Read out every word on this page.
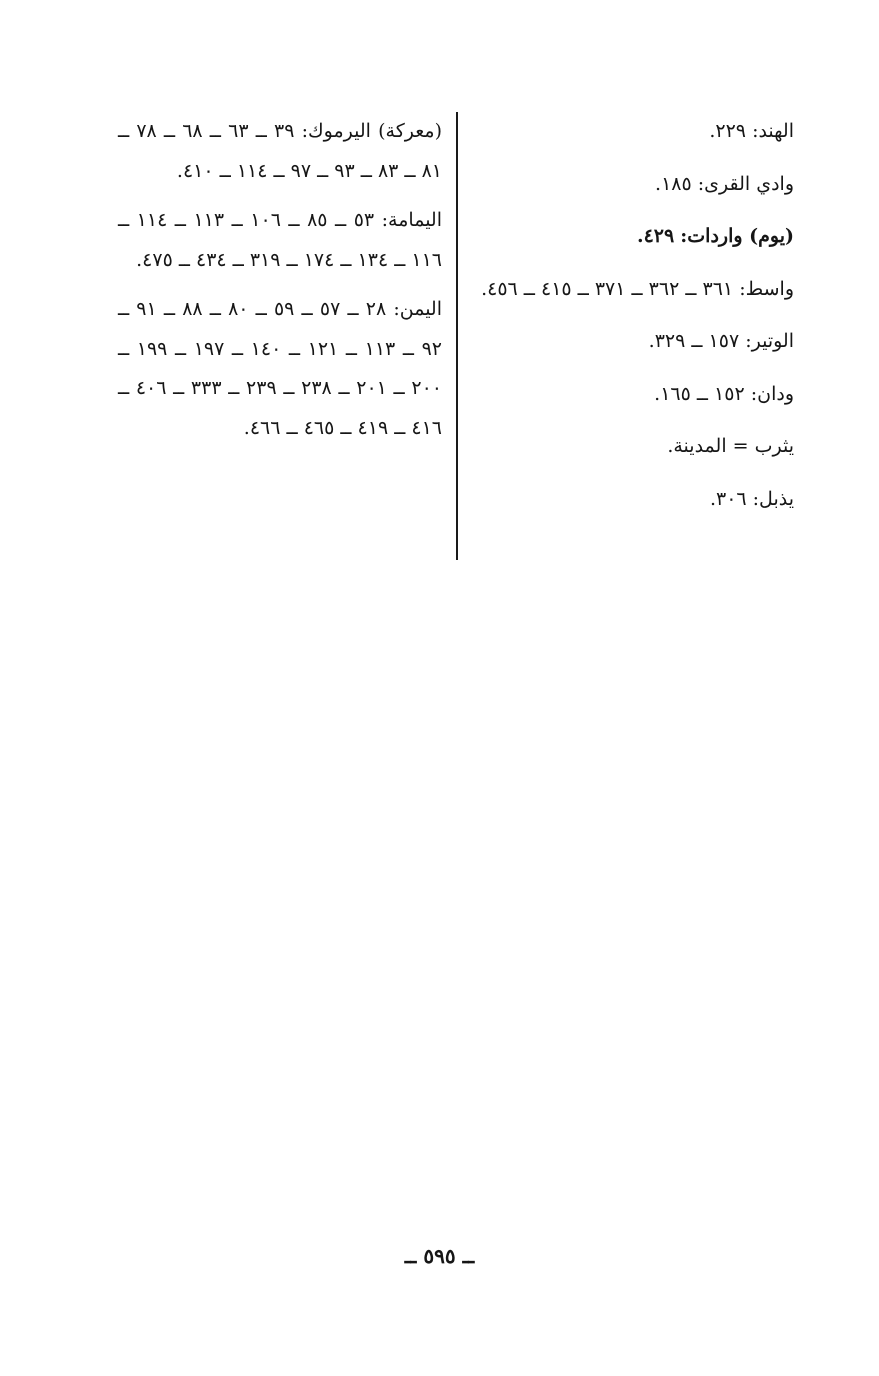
الهند: ٢٢٩.
وادي القرى: ١٨٥.
(يوم) واردات: ٤٢٩.
واسط: ٣٦١ ــ ٣٦٢ ــ ٣٧١ ــ ٤١٥ ــ ٤٥٦.
الوتير: ١٥٧ ــ ٣٢٩.
ودان: ١٥٢ ــ ١٦٥.
يثرب = المدينة.
يذبل: ٣٠٦.
(معركة) اليرموك: ٣٩ ــ ٦٣ ــ ٦٨ ــ ٧٨ ــ ٨١ ــ ٨٣ ــ ٩٣ ــ ٩٧ ــ ١١٤ ــ ٤١٠.
اليمامة: ٥٣ ــ ٨٥ ــ ١٠٦ ــ ١١٣ ــ ١١٤ ــ ١١٦ ــ ١٣٤ ــ ١٧٤ ــ ٣١٩ ــ ٤٣٤ ــ ٤٧٥.
اليمن: ٢٨ ــ ٥٧ ــ ٥٩ ــ ٨٠ ــ ٨٨ ــ ٩١ ــ ٩٢ ــ ١١٣ ــ ١٢١ ــ ١٤٠ ــ ١٩٧ ــ ١٩٩ ــ ٢٠٠ ــ ٢٠١ ــ ٢٣٨ ــ ٢٣٩ ــ ٣٣٣ ــ ٤٠٦ ــ ٤١٦ ــ ٤١٩ ــ ٤٦٥ ــ ٤٦٦.
ــ ٥٩٥ ــ
